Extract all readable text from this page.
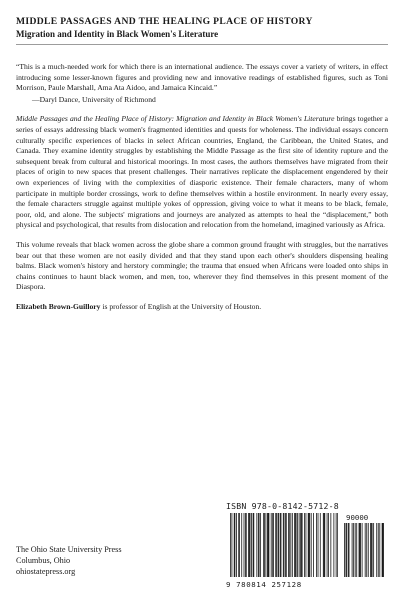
MIDDLE PASSAGES AND THE HEALING PLACE OF HISTORY
Migration and Identity in Black Women's Literature

“This is a much-needed work for which there is an international audience. The essays cover a variety of writers, in effect introducing some lesser-known figures and providing new and innovative readings of established figures, such as Toni Morrison, Paule Marshall, Ama Ata Aidoo, and Jamaica Kincaid.”
—Daryl Dance, University of Richmond

Middle Passages and the Healing Place of History: Migration and Identity in Black Women's Literature brings together a series of essays addressing black women's fragmented identities and quests for wholeness. The individual essays concern culturally specific experiences of blacks in select African countries, England, the Caribbean, the United States, and Canada. They examine identity struggles by establishing the Middle Passage as the first site of identity rupture and the subsequent break from cultural and historical moorings. In most cases, the authors themselves have migrated from their places of origin to new spaces that present challenges. Their narratives replicate the displacement engendered by their own experiences of living with the complexities of diasporic existence. Their female characters, many of whom participate in multiple border crossings, work to define themselves within a hostile environment. In nearly every essay, the female characters struggle against multiple yokes of oppression, giving voice to what it means to be black, female, poor, old, and alone. The subjects' migrations and journeys are analyzed as attempts to heal the “displacement,” both physical and psychological, that results from dislocation and relocation from the homeland, imagined variously as Africa.

This volume reveals that black women across the globe share a common ground fraught with struggles, but the narratives bear out that these women are not easily divided and that they stand upon each other's shoulders dispensing healing balms. Black women's history and herstory commingle; the trauma that ensued when Africans were loaded onto ships in chains continues to haunt black women, and men, too, wherever they find themselves in this present moment of the Diaspora.

Elizabeth Brown-Guillory is professor of English at the University of Houston.

ISBN 978-0-8142-5712-8
90000
9 780814 257128
The Ohio State University Press
Columbus, Ohio
ohiostatepress.org
